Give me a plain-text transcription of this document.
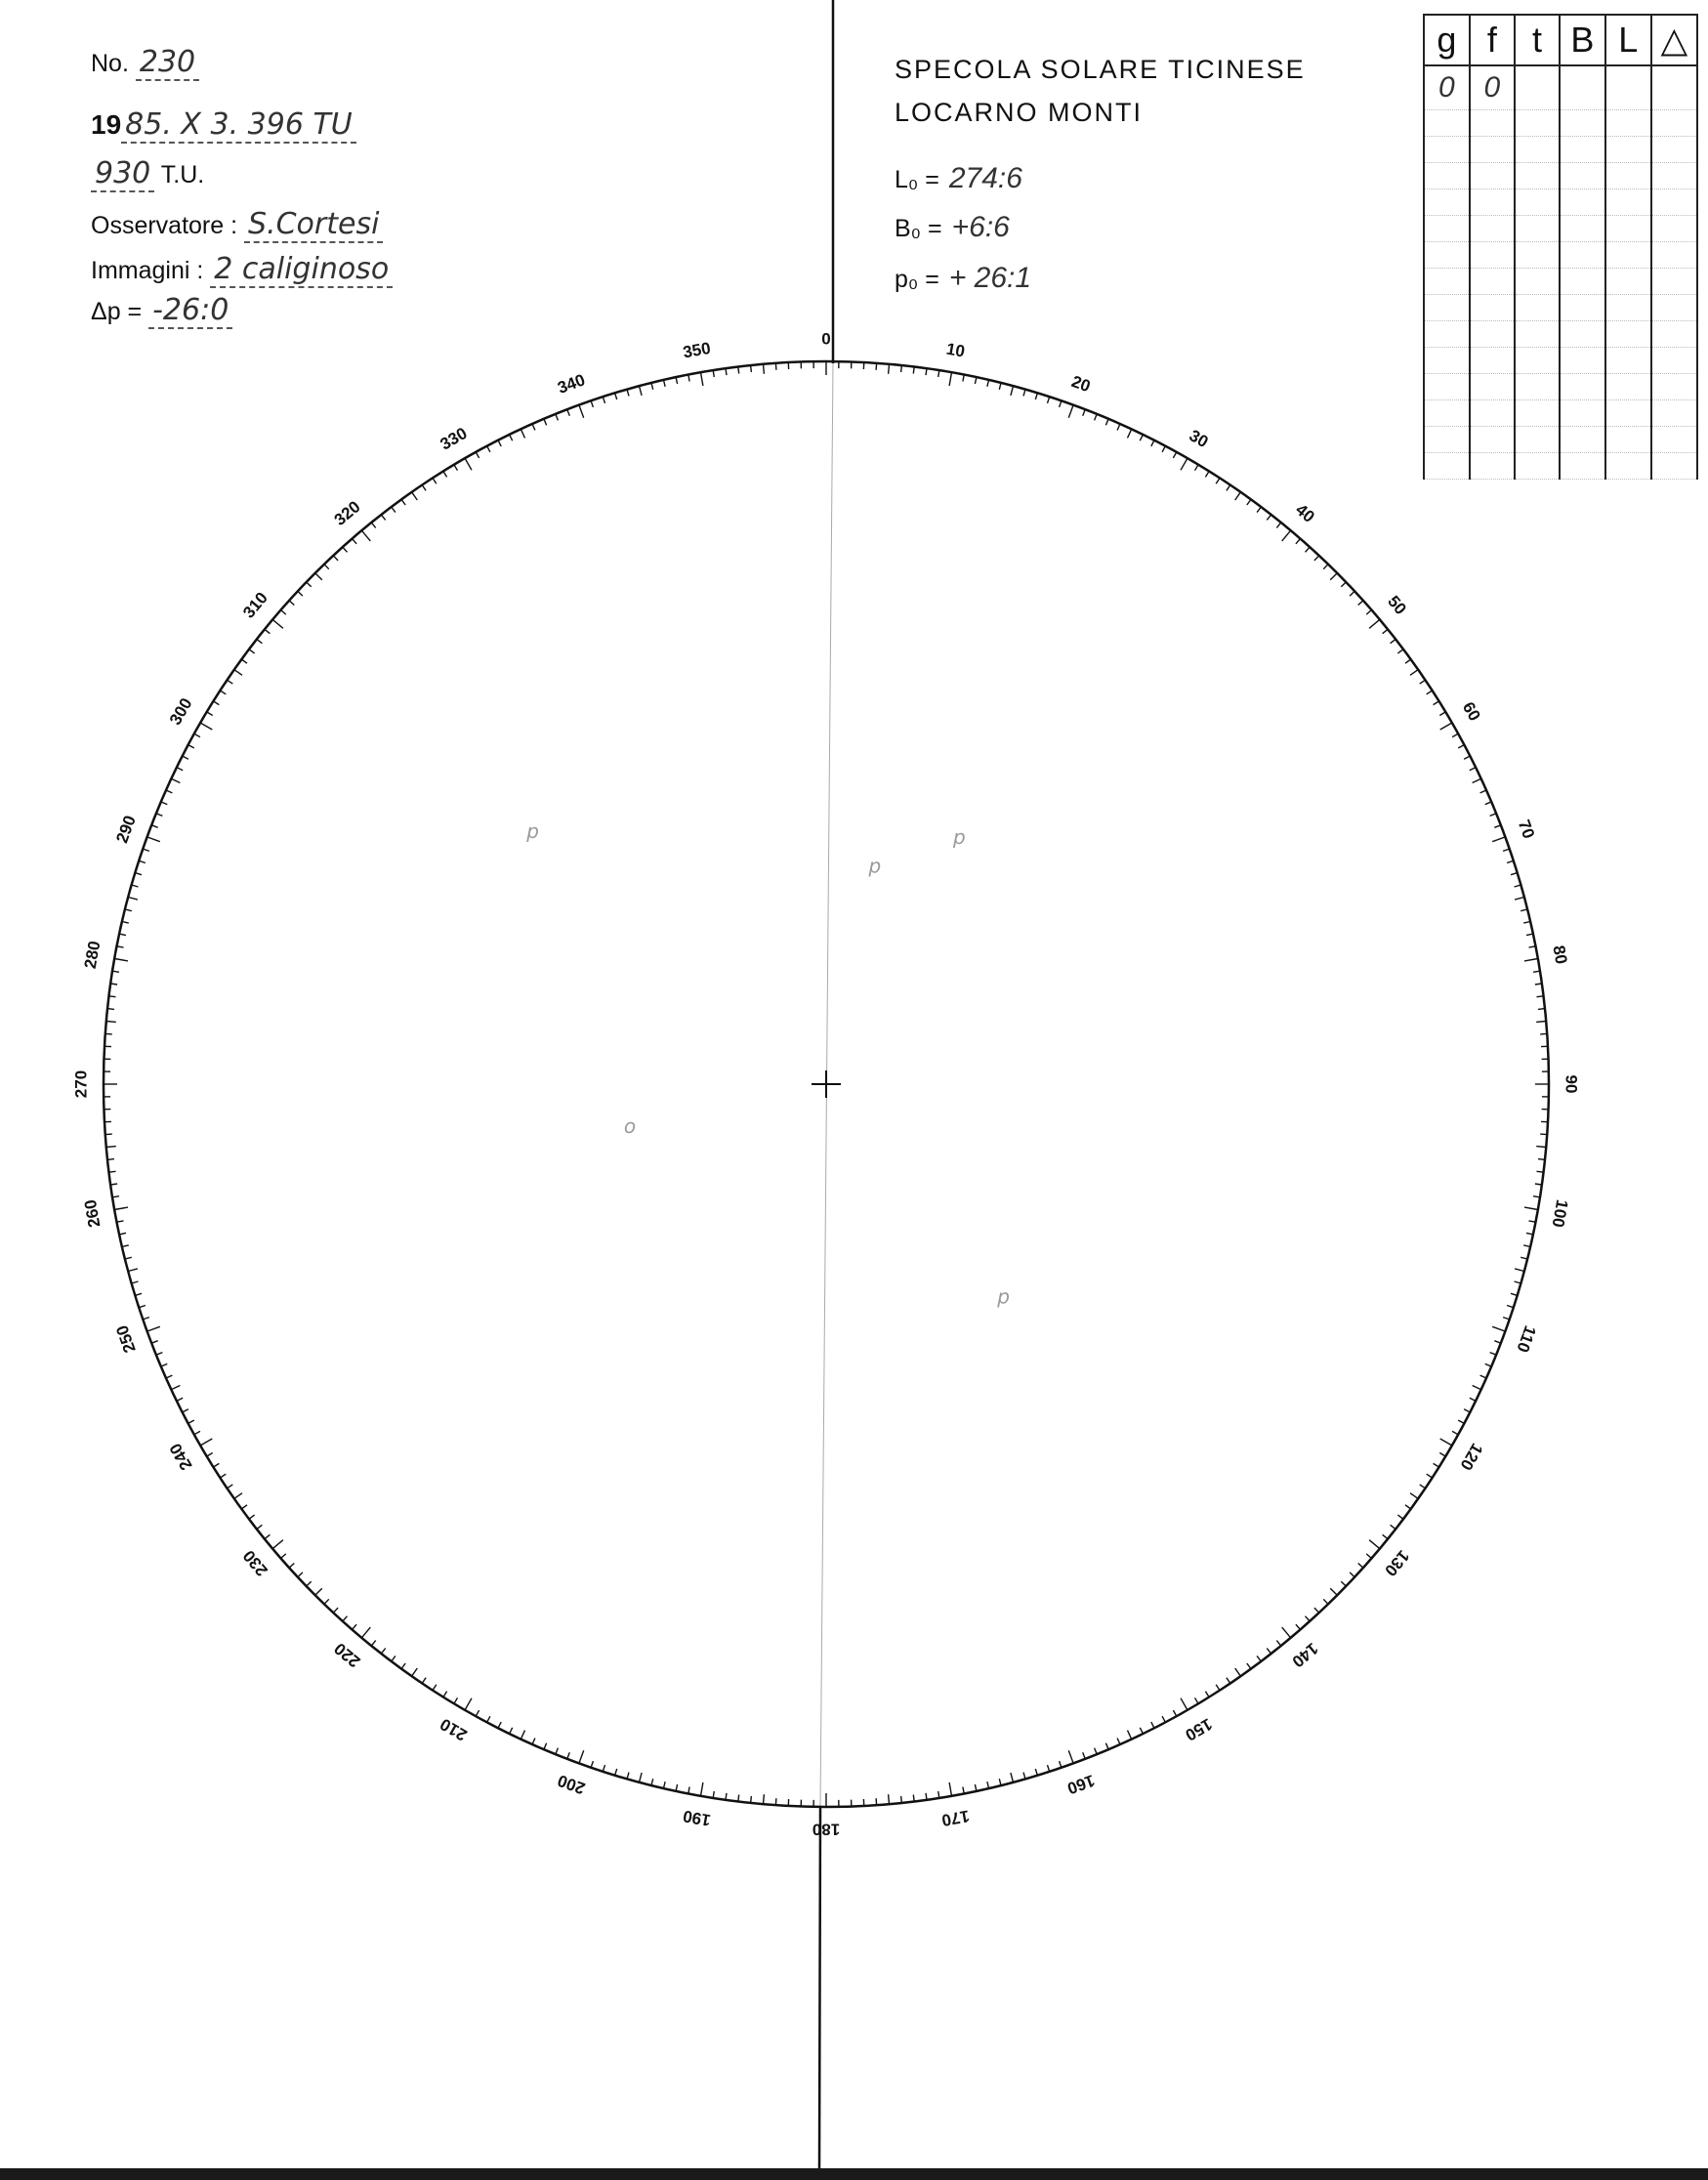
No. 230
19 85. X 3. 396 TU
930 T.U.
Osservatore : S.Cortesi
Immagini : 2 caliginoso
Δp = -26:0
SPECOLA SOLARE TICINESE
LOCARNO MONTI
L₀ = 274:6
B₀ = +6:6
p₀ = + 26:1
g	f	t	B	L	△
0	0				

0
10
20
30
40
50
60
70
80
90
100
110
120
130
140
150
160
170
180
190
200
210
220
230
240
250
260
270
280
290
300
310
320
330
340
350
p
p
p
o
p
